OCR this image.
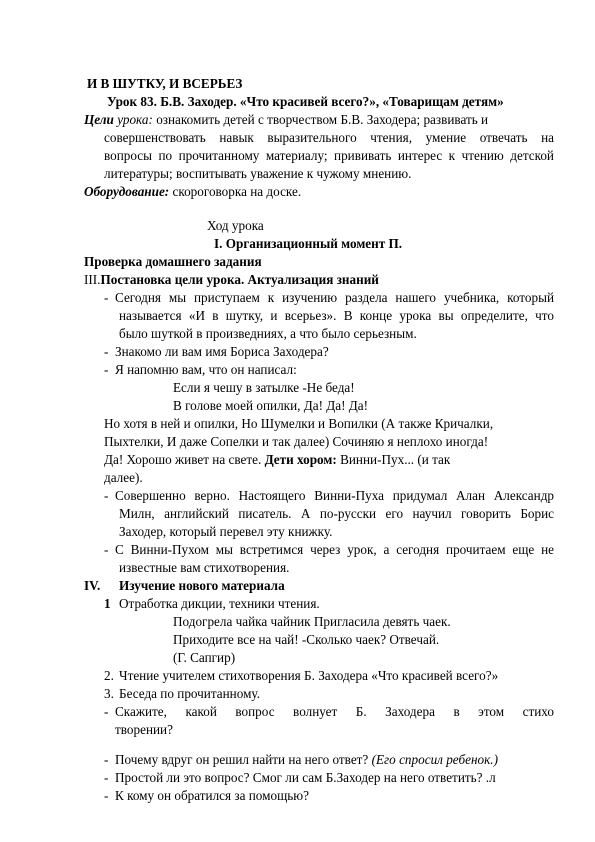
И В ШУТКУ, И ВСЕРЬЕЗ
Урок 83. Б.В. Заходер. «Что красивей всего?», «Товарищам детям»
Цели урока: ознакомить детей с творчеством Б.В. Заходера; развивать и
совершенствовать навык выразительного чтения, умение отвечать на
вопросы по прочитанному материалу; прививать интерес к чтению детской
литературы; воспитывать уважение к чужому мнению.
Оборудование: скороговорка на доске.
Ход урока
I. Организационный момент П.
Проверка домашнего задания
III.Постановка цели урока. Актуализация знаний
- Сегодня мы приступаем к изучению раздела нашего учебника, который
называется «И в шутку, и всерьез». В конце урока вы определите, что
было шуткой в произведниях, а что было серьезным.
- Знакомо ли вам имя Бориса Заходера?
- Я напомню вам, что он написал:
Если я чешу в затылке -Не беда!
В голове моей опилки, Да! Да! Да!
Но хотя в ней и опилки, Но Шумелки и Вопилки (А также Кричалки,
Пыхтелки, И даже Сопелки и так далее) Сочиняю я неплохо иногда!
Да! Хорошо живет на свете. Дети хором: Винни-Пух... (и так
далее).
- Совершенно верно. Настоящего Винни-Пуха придумал Алан Александр
Милн, английский писатель. А по-русски его научил говорить Борис
Заходер, который перевел эту книжку.
- С Винни-Пухом мы встретимся через урок, а сегодня прочитаем еще не
известные вам стихотворения.
IV. Изучение нового материала
1 Отработка дикции, техники чтения.
Подогрела чайка чайник Пригласила девять чаек.
Приходите все на чай! -Сколько чаек? Отвечай.
(Г. Сапгир)
2. Чтение учителем стихотворения Б. Заходера «Что красивей всего?»
3. Беседа по прочитанному.
- Скажите, какой вопрос волнует Б. Заходера в этом стихо
творении?
- Почему вдруг он решил найти на него ответ? (Его спросил ребенок.)
- Простой ли это вопрос? Смог ли сам Б.Заходер на него ответить? .л
- К кому он обратился за помощью?
